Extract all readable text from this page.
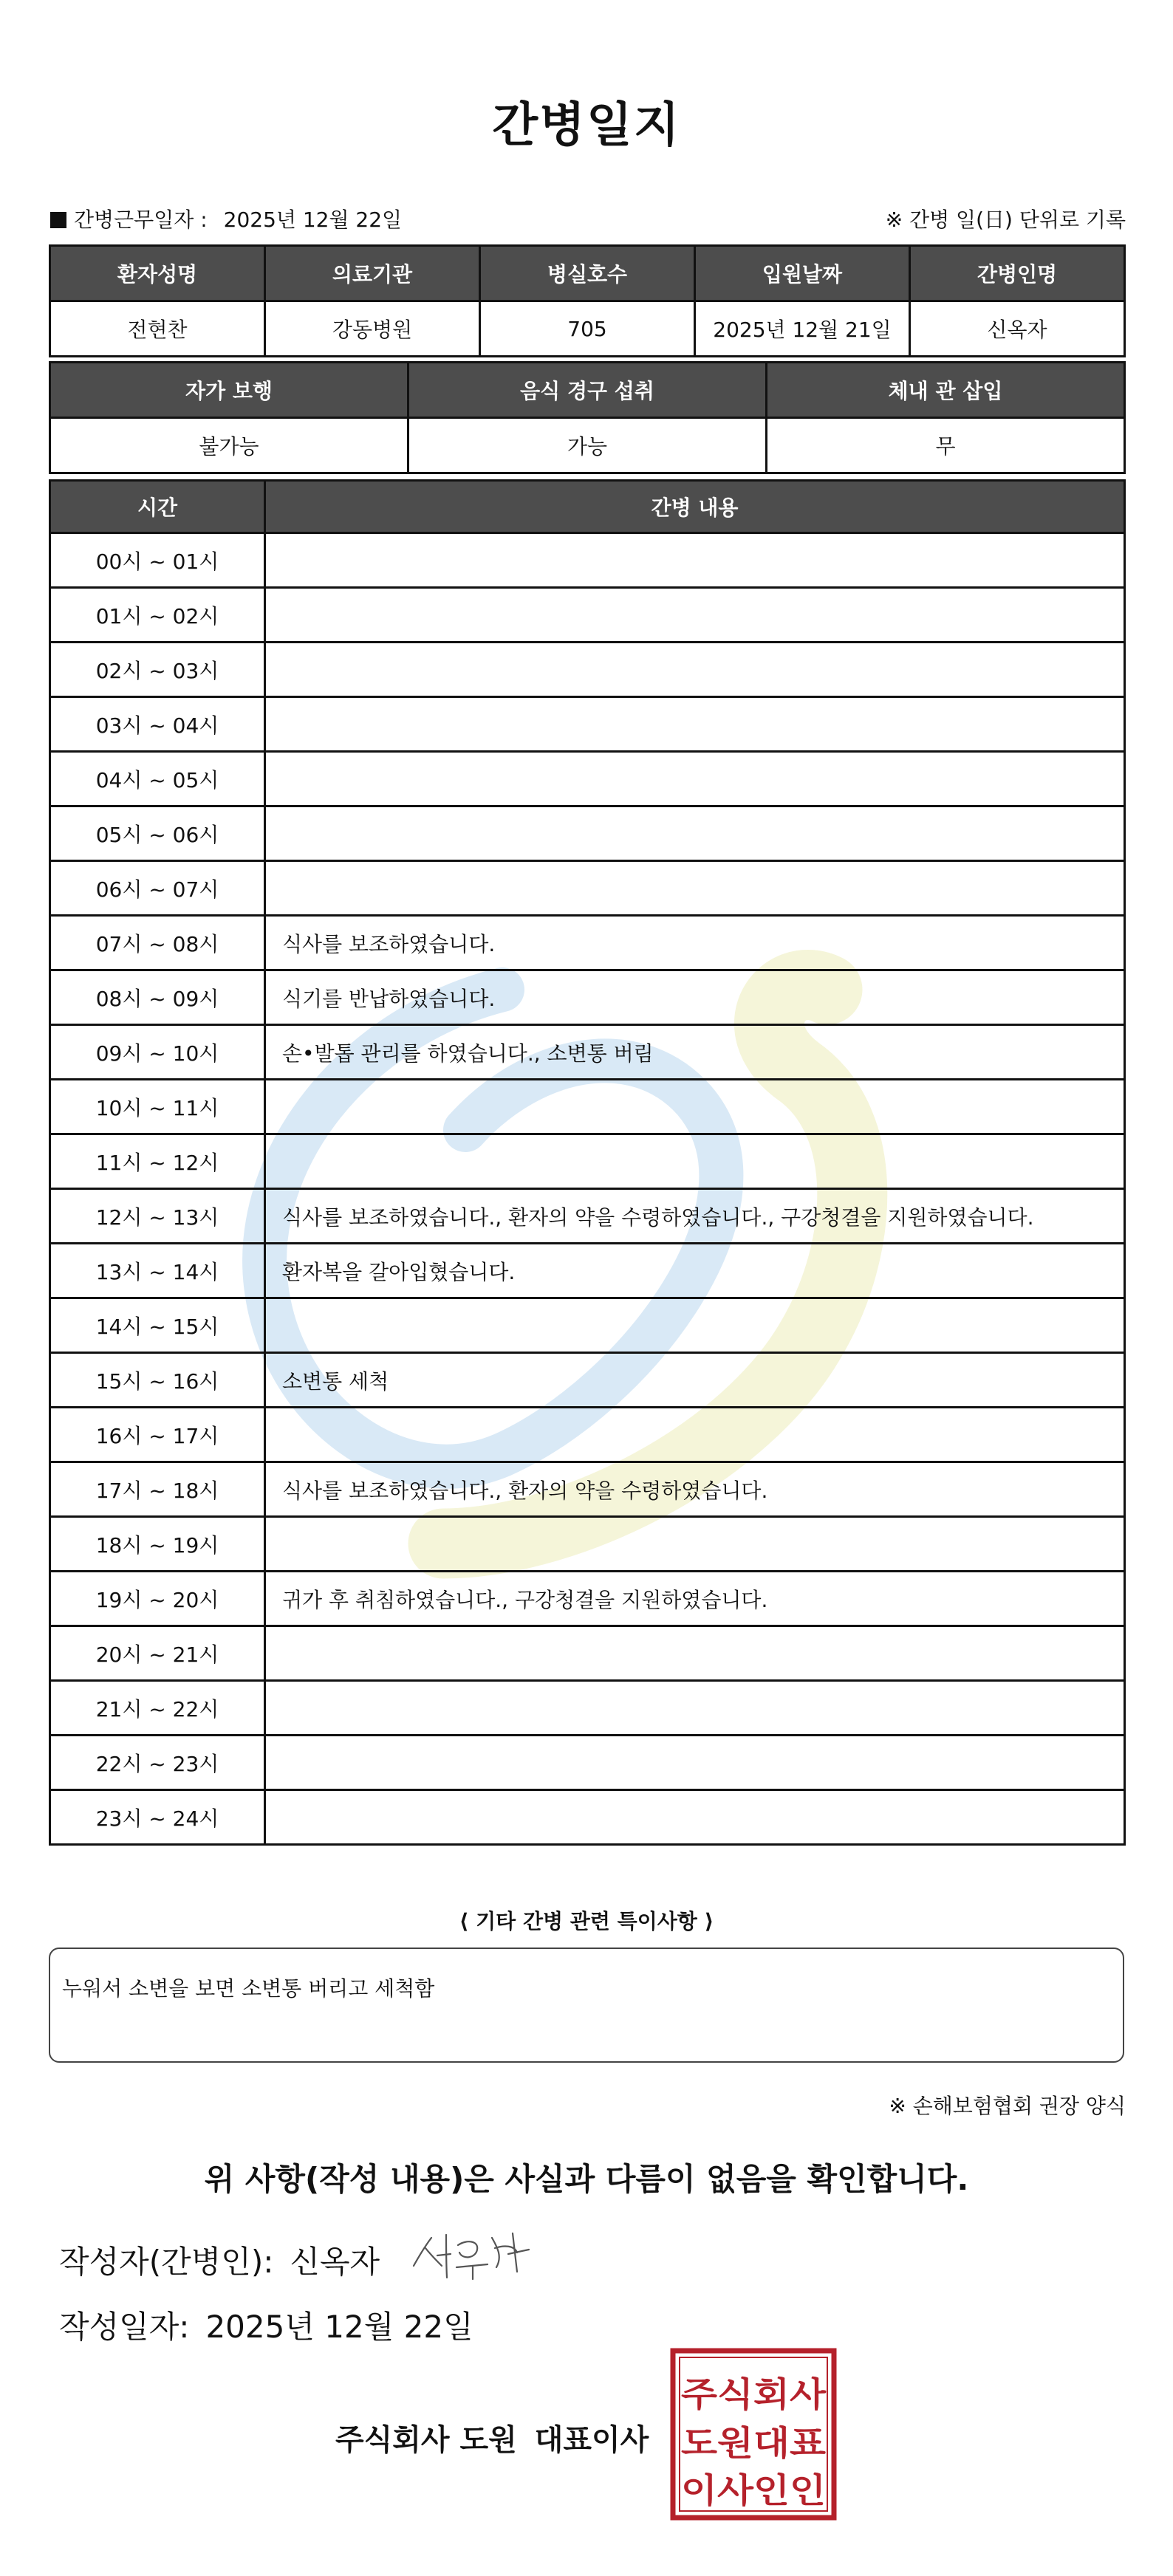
간병일지
간병근무일자 : 2025년 12월 22일	※ 간병 일(日) 단위로 기록
환자성명	의료기관	병실호수	입원날짜	간병인명
전현찬	강동병원	705	2025년 12월 21일	신옥자
자가 보행	음식 경구 섭취	체내 관 삽입
불가능	가능	무
시간	간병 내용
00시 ~ 01시	
01시 ~ 02시	
02시 ~ 03시	
03시 ~ 04시	
04시 ~ 05시	
05시 ~ 06시	
06시 ~ 07시	
07시 ~ 08시	식사를 보조하였습니다.
08시 ~ 09시	식기를 반납하였습니다.
09시 ~ 10시	손•발톱 관리를 하였습니다., 소변통 버림
10시 ~ 11시	
11시 ~ 12시	
12시 ~ 13시	식사를 보조하였습니다., 환자의 약을 수령하였습니다., 구강청결을 지원하였습니다.
13시 ~ 14시	환자복을 갈아입혔습니다.
14시 ~ 15시	
15시 ~ 16시	소변통 세척
16시 ~ 17시	
17시 ~ 18시	식사를 보조하였습니다., 환자의 약을 수령하였습니다.
18시 ~ 19시	
19시 ~ 20시	귀가 후 취침하였습니다., 구강청결을 지원하였습니다.
20시 ~ 21시	
21시 ~ 22시	
22시 ~ 23시	
23시 ~ 24시	
⟨ 기타 간병 관련 특이사항 ⟩
누워서 소변을 보면 소변통 버리고 세척함
※ 손해보험협회 권장 양식
위 사항(작성 내용)은 사실과 다름이 없음을 확인합니다.
작성자(간병인): 신옥자
작성일자: 2025년 12월 22일
주식회사 도원 대표이사
주식회사
도원대표
이사인인
